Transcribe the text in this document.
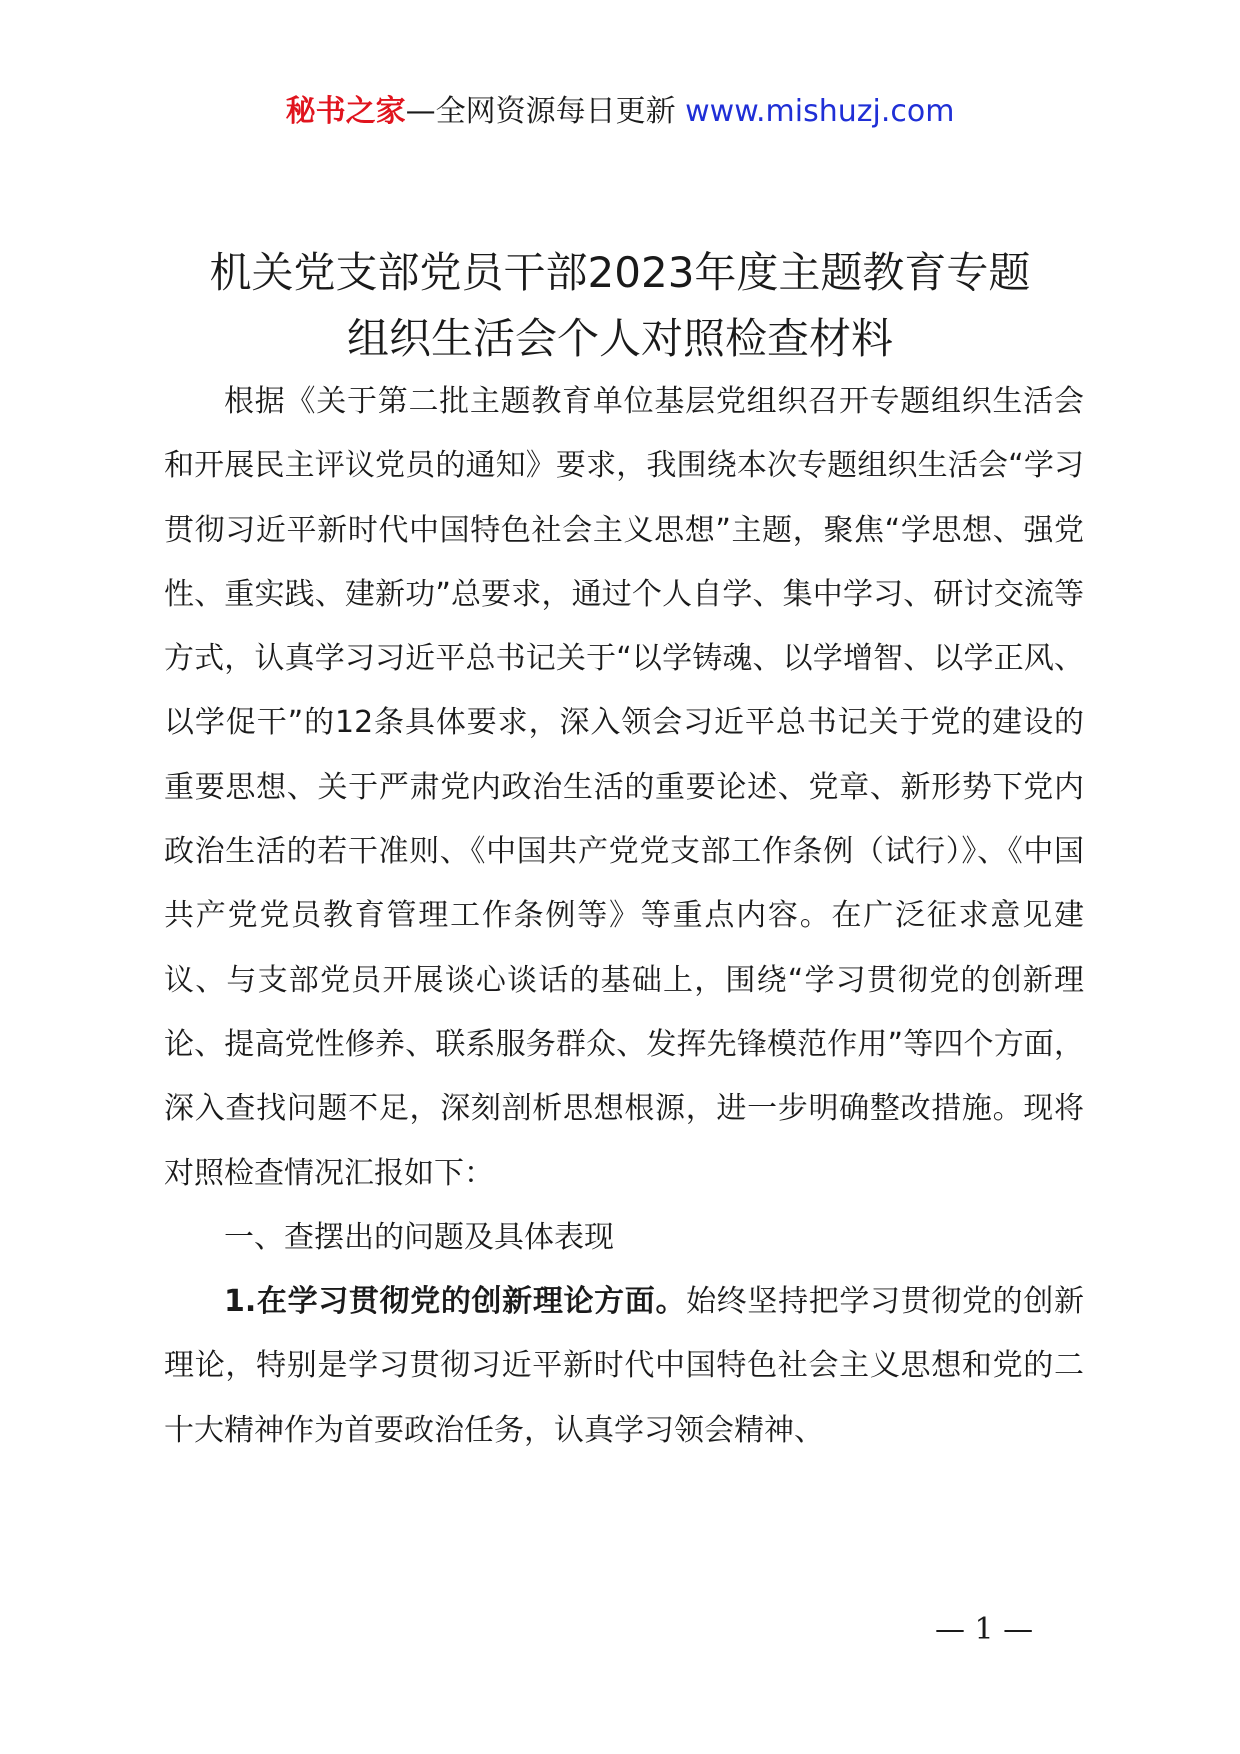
秘书之家—全网资源每日更新 www.mishuzj.com
机关党支部党员干部2023年度主题教育专题
组织生活会个人对照检查材料

根据《关于第二批主题教育单位基层党组织召开专题组织生活会和开展民主评议党员的通知》要求，我围绕本次专题组织生活会“学习贯彻习近平新时代中国特色社会主义思想”主题，聚焦“学思想、强党性、重实践、建新功”总要求，通过个人自学、集中学习、研讨交流等方式，认真学习习近平总书记关于“以学铸魂、以学增智、以学正风、以学促干”的12条具体要求，深入领会习近平总书记关于党的建设的重要思想、关于严肃党内政治生活的重要论述、党章、新形势下党内政治生活的若干准则、《中国共产党党支部工作条例（试行）》、《中国共产党党员教育管理工作条例等》等重点内容。在广泛征求意见建议、与支部党员开展谈心谈话的基础上，围绕“学习贯彻党的创新理论、提高党性修养、联系服务群众、发挥先锋模范作用”等四个方面，深入查找问题不足，深刻剖析思想根源，进一步明确整改措施。现将对照检查情况汇报如下：

一、查摆出的问题及具体表现

1.在学习贯彻党的创新理论方面。始终坚持把学习贯彻党的创新理论，特别是学习贯彻习近平新时代中国特色社会主义思想和党的二十大精神作为首要政治任务，认真学习领会精神、

— 1 —
